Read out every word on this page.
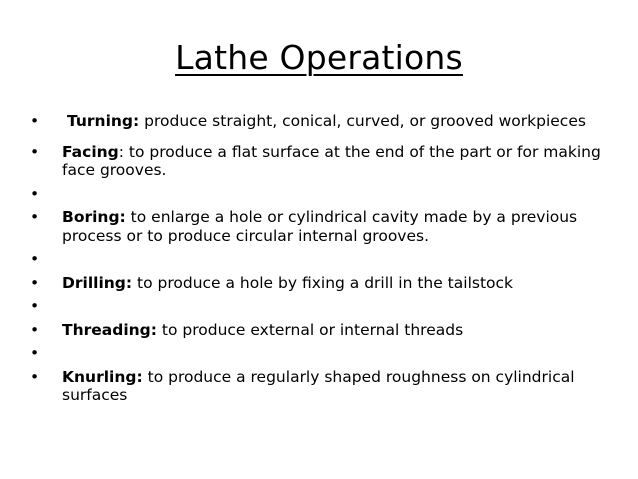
Lathe Operations
• Turning: produce straight, conical, curved, or grooved workpieces
• Facing: to produce a flat surface at the end of the part or for making face grooves.
•
• Boring: to enlarge a hole or cylindrical cavity made by a previous process or to produce circular internal grooves.
•
• Drilling: to produce a hole by fixing a drill in the tailstock
•
• Threading: to produce external or internal threads
•
• Knurling: to produce a regularly shaped roughness on cylindrical surfaces
